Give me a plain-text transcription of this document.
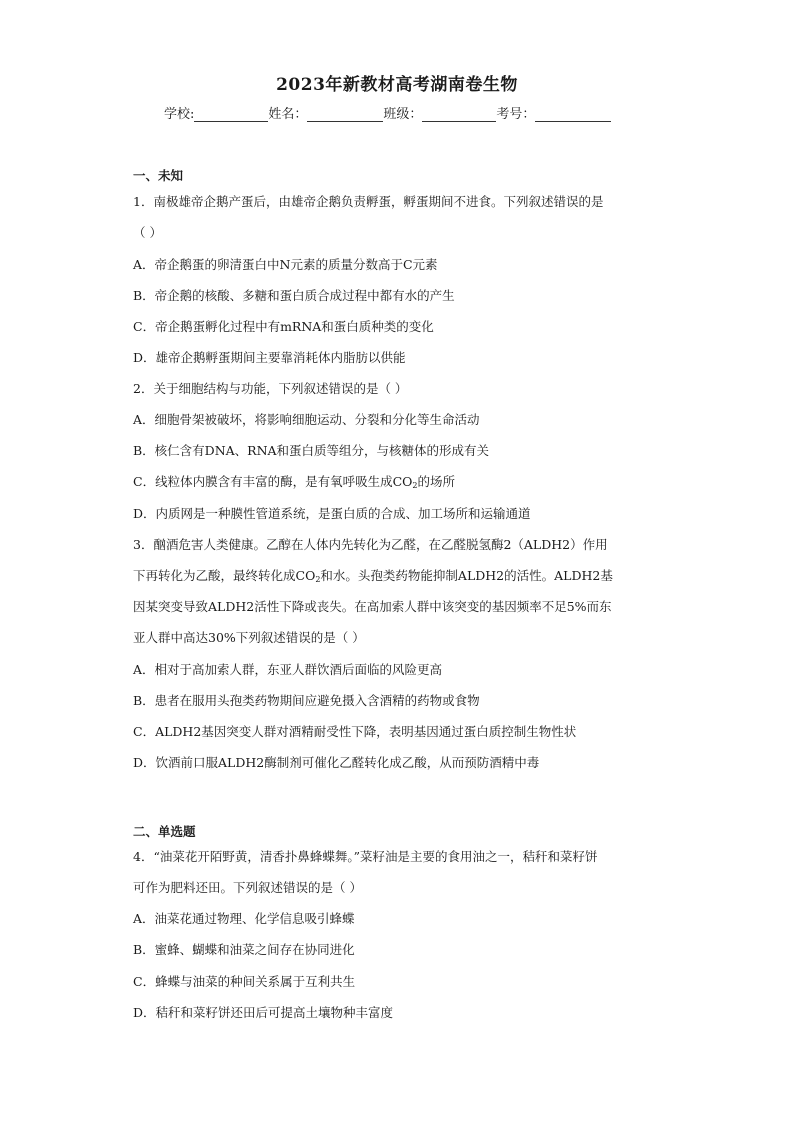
2023年新教材高考湖南卷生物
学校:	姓名：	班级：	考号：
一、未知
1．南极雄帝企鹅产蛋后，由雄帝企鹅负责孵蛋，孵蛋期间不进食。下列叙述错误的是
（ ）
A．帝企鹅蛋的卵清蛋白中N元素的质量分数高于C元素
B．帝企鹅的核酸、多糖和蛋白质合成过程中都有水的产生
C．帝企鹅蛋孵化过程中有mRNA和蛋白质种类的变化
D．雄帝企鹅孵蛋期间主要靠消耗体内脂肪以供能
2．关于细胞结构与功能，下列叙述错误的是（ ）
A．细胞骨架被破坏，将影响细胞运动、分裂和分化等生命活动
B．核仁含有DNA、RNA和蛋白质等组分，与核糖体的形成有关
C．线粒体内膜含有丰富的酶，是有氧呼吸生成$CO_2$的场所
D．内质网是一种膜性管道系统，是蛋白质的合成、加工场所和运输通道
3．酗酒危害人类健康。乙醇在人体内先转化为乙醛，在乙醛脱氢酶2（ALDH2）作用
下再转化为乙酸，最终转化成$CO_2$和水。头孢类药物能抑制ALDH2的活性。ALDH2基
因某突变导致ALDH2活性下降或丧失。在高加索人群中该突变的基因频率不足5%而东
亚人群中高达30%下列叙述错误的是（ ）
A．相对于高加索人群，东亚人群饮酒后面临的风险更高
B．患者在服用头孢类药物期间应避免摄入含酒精的药物或食物
C．ALDH2基因突变人群对酒精耐受性下降，表明基因通过蛋白质控制生物性状
D．饮酒前口服ALDH2酶制剂可催化乙醛转化成乙酸，从而预防酒精中毒
二、单选题
4．“油菜花开陌野黄，清香扑鼻蜂蝶舞。”菜籽油是主要的食用油之一，秸秆和菜籽饼
可作为肥料还田。下列叙述错误的是（ ）
A．油菜花通过物理、化学信息吸引蜂蝶
B．蜜蜂、蝴蝶和油菜之间存在协同进化
C．蜂蝶与油菜的种间关系属于互利共生
D．秸秆和菜籽饼还田后可提高土壤物种丰富度
